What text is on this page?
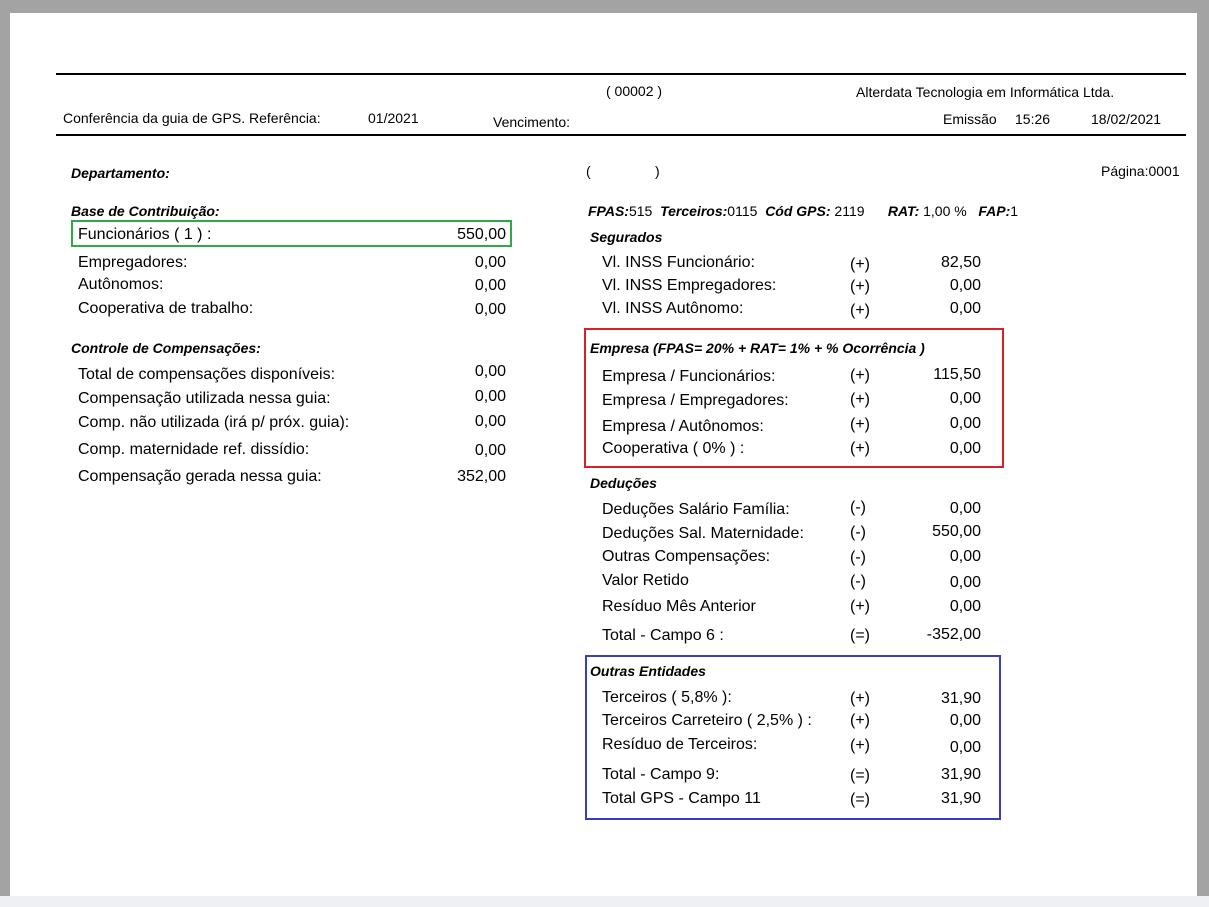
( 00002 )	Alterdata Tecnologia em Informática Ltda.
Conferência da guia de GPS. Referência:	01/2021	Vencimento:	Emissão 15:26	18/02/2021
Departamento:	(	)	Página:0001
Base de Contribuição:
Funcionários ( 1 ) :	550,00
Empregadores:	0,00
Autônomos:	0,00
Cooperativa de trabalho:	0,00
Controle de Compensações:
Total de compensações disponíveis:	0,00
Compensação utilizada nessa guia:	0,00
Comp. não utilizada (irá p/ próx. guia):	0,00
Comp. maternidade ref. dissídio:	0,00
Compensação gerada nessa guia:	352,00
FPAS:515 Terceiros:0115 Cód GPS: 2119 RAT: 1,00 % FAP:1
Segurados
Vl. INSS Funcionário:	(+)	82,50
Vl. INSS Empregadores:	(+)	0,00
Vl. INSS Autônomo:	(+)	0,00
Empresa (FPAS= 20% + RAT= 1% + % Ocorrência )
Empresa / Funcionários:	(+)	115,50
Empresa / Empregadores:	(+)	0,00
Empresa / Autônomos:	(+)	0,00
Cooperativa ( 0% ) :	(+)	0,00
Deduções
Deduções Salário Família:	(-)	0,00
Deduções Sal. Maternidade:	(-)	550,00
Outras Compensações:	(-)	0,00
Valor Retido	(-)	0,00
Resíduo Mês Anterior	(+)	0,00
Total - Campo 6 :	(=)	-352,00
Outras Entidades
Terceiros ( 5,8% ):	(+)	31,90
Terceiros Carreteiro ( 2,5% ) : (+)	0,00
Resíduo de Terceiros:	(+)	0,00
Total - Campo 9:	(=)	31,90
Total GPS - Campo 11	(=)	31,90
